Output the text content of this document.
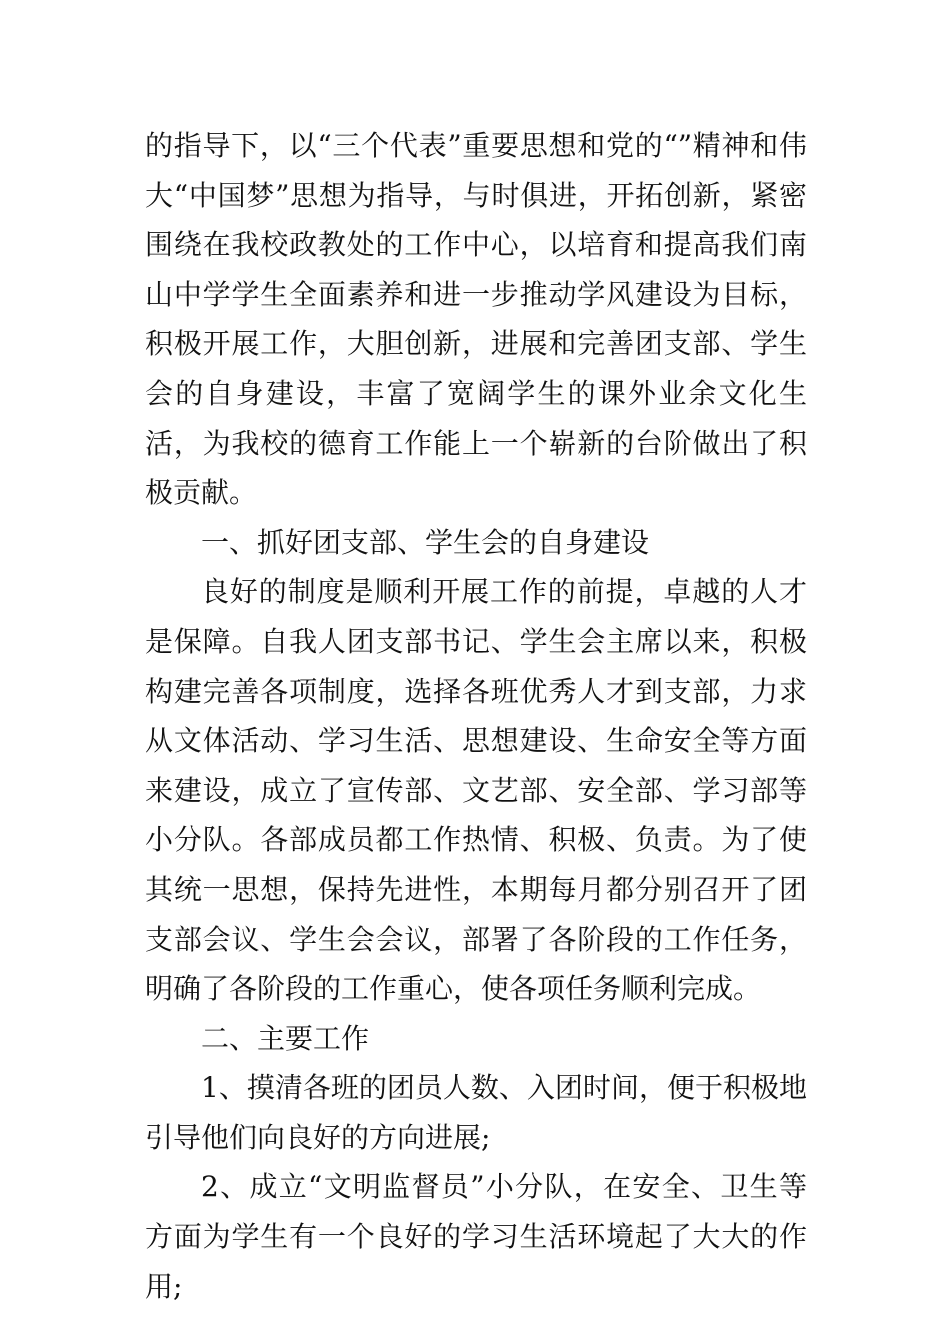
的指导下，以“三个代表”重要思想和党的“”精神和伟大“中国梦”思想为指导，与时俱进，开拓创新，紧密围绕在我校政教处的工作中心，以培育和提高我们南山中学学生全面素养和进一步推动学风建设为目标，积极开展工作，大胆创新，进展和完善团支部、学生会的自身建设，丰富了宽阔学生的课外业余文化生活，为我校的德育工作能上一个崭新的台阶做出了积极贡献。

一、抓好团支部、学生会的自身建设

良好的制度是顺利开展工作的前提，卓越的人才是保障。自我人团支部书记、学生会主席以来，积极构建完善各项制度，选择各班优秀人才到支部，力求从文体活动、学习生活、思想建设、生命安全等方面来建设，成立了宣传部、文艺部、安全部、学习部等小分队。各部成员都工作热情、积极、负责。为了使其统一思想，保持先进性，本期每月都分别召开了团支部会议、学生会会议，部署了各阶段的工作任务，明确了各阶段的工作重心，使各项任务顺利完成。

二、主要工作

1、摸清各班的团员人数、入团时间，便于积极地引导他们向良好的方向进展;

2、成立“文明监督员”小分队，在安全、卫生等方面为学生有一个良好的学习生活环境起了大大的作用;
